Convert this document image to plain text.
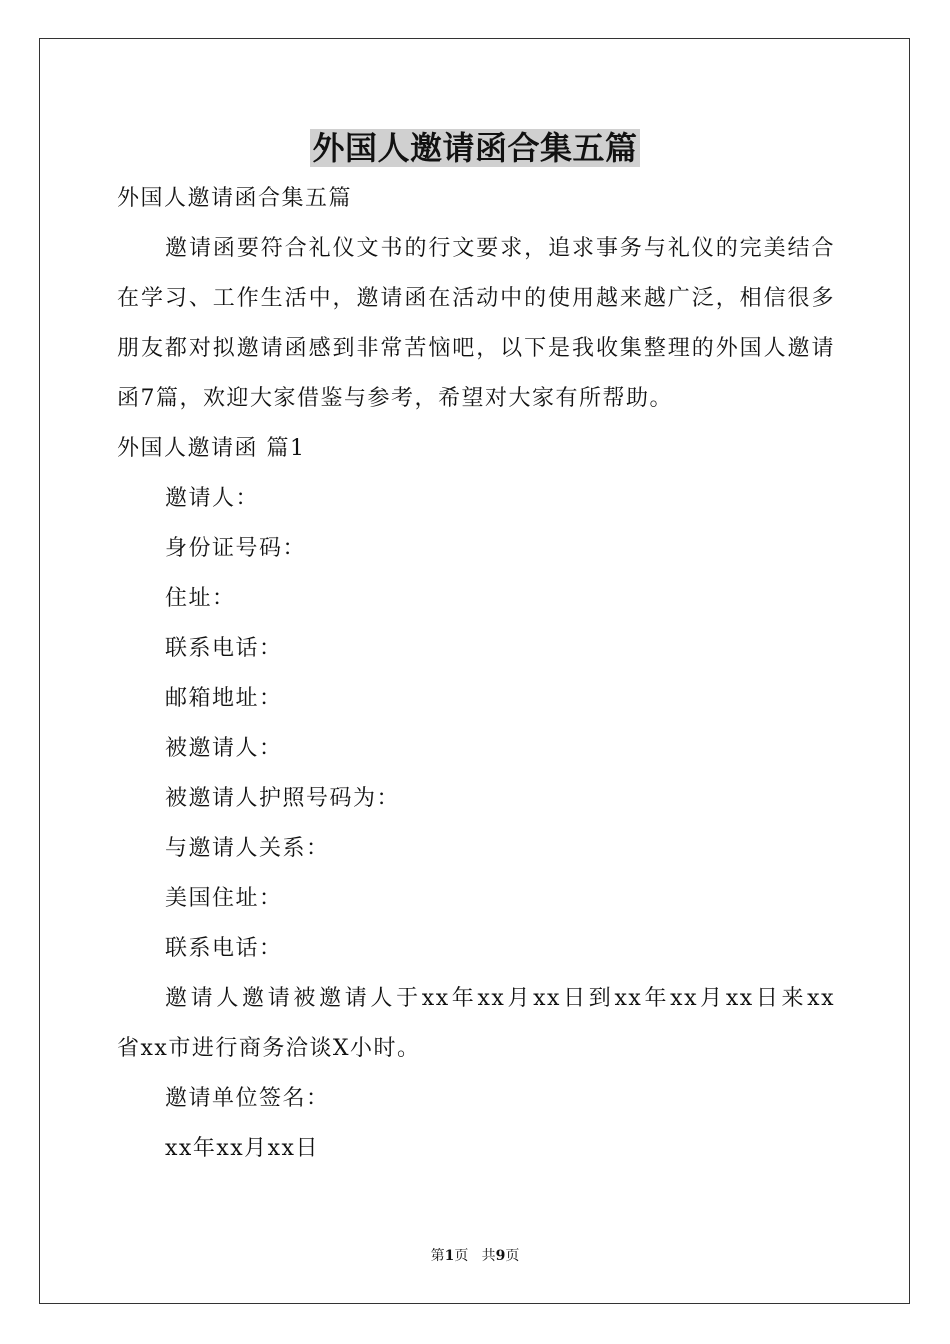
外国人邀请函合集五篇

外国人邀请函合集五篇

邀请函要符合礼仪文书的行文要求，追求事务与礼仪的完美结合

在学习、工作生活中，邀请函在活动中的使用越来越广泛，相信很多

朋友都对拟邀请函感到非常苦恼吧，以下是我收集整理的外国人邀请

函7篇，欢迎大家借鉴与参考，希望对大家有所帮助。

外国人邀请函 篇1

邀请人：

身份证号码：

住址：

联系电话：

邮箱地址：

被邀请人：

被邀请人护照号码为：

与邀请人关系：

美国住址：

联系电话：

邀请人邀请被邀请人于xx年xx月xx日到xx年xx月xx日来xx

省xx市进行商务洽谈X小时。

邀请单位签名：

xx年xx月xx日

第1页 共9页
